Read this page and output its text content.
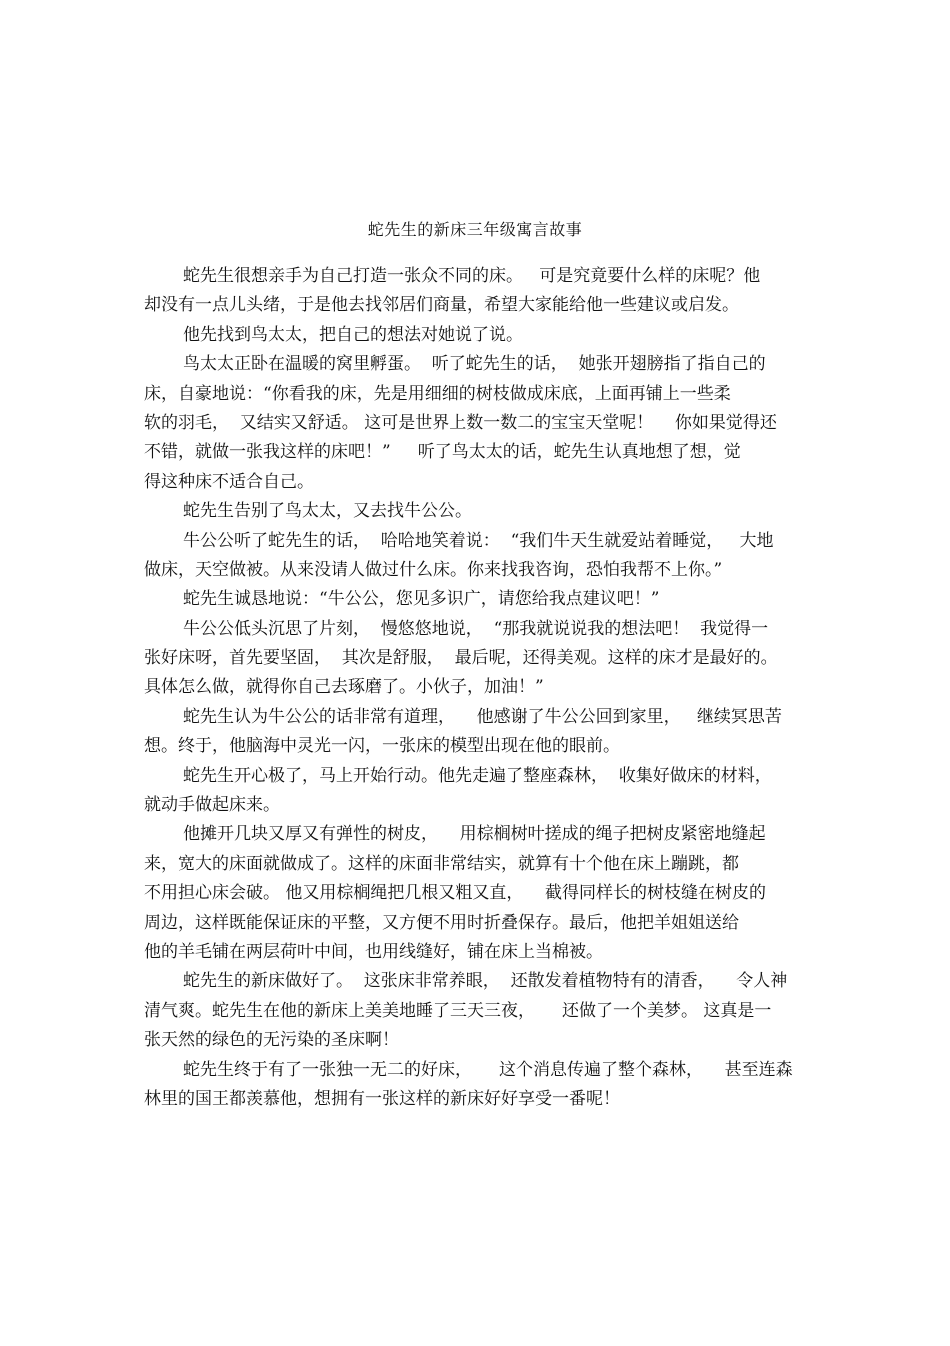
蛇先生的新床三年级寓言故事
蛇先生很想亲手为自己打造一张众不同的床。   可是究竟要什么样的床呢？他
却没有一点儿头绪，于是他去找邻居们商量，希望大家能给他一些建议或启发。
他先找到鸟太太，把自己的想法对她说了说。
鸟太太正卧在温暖的窝里孵蛋。  听了蛇先生的话，  她张开翅膀指了指自己的
床，自豪地说：“你看我的床，先是用细细的树枝做成床底，上面再铺上一些柔
软的羽毛，  又结实又舒适。 这可是世界上数一数二的宝宝天堂呢！    你如果觉得还
不错，就做一张我这样的床吧！”     听了鸟太太的话，蛇先生认真地想了想，觉
得这种床不适合自己。
蛇先生告别了鸟太太，又去找牛公公。
牛公公听了蛇先生的话，  哈哈地笑着说：  “我们牛天生就爱站着睡觉，   大地
做床，天空做被。从来没请人做过什么床。你来找我咨询，恐怕我帮不上你。”
蛇先生诚恳地说：“牛公公，您见多识广，请您给我点建议吧！”
牛公公低头沉思了片刻，  慢悠悠地说，  “那我就说说我的想法吧！  我觉得一
张好床呀，首先要坚固，  其次是舒服，  最后呢，还得美观。这样的床才是最好的。
具体怎么做，就得你自己去琢磨了。小伙子，加油！”
蛇先生认为牛公公的话非常有道理，    他感谢了牛公公回到家里，   继续冥思苦
想。终于，他脑海中灵光一闪，一张床的模型出现在他的眼前。
蛇先生开心极了，马上开始行动。他先走遍了整座森林，  收集好做床的材料，
就动手做起床来。
他摊开几块又厚又有弹性的树皮，    用棕榈树叶搓成的绳子把树皮紧密地缝起
来，宽大的床面就做成了。这样的床面非常结实，就算有十个他在床上蹦跳，都
不用担心床会破。 他又用棕榈绳把几根又粗又直，    截得同样长的树枝缝在树皮的
周边，这样既能保证床的平整，又方便不用时折叠保存。最后，他把羊姐姐送给
他的羊毛铺在两层荷叶中间，也用线缝好，铺在床上当棉被。
蛇先生的新床做好了。  这张床非常养眼，  还散发着植物特有的清香，    令人神
清气爽。蛇先生在他的新床上美美地睡了三天三夜，     还做了一个美梦。 这真是一
张天然的绿色的无污染的圣床啊！
蛇先生终于有了一张独一无二的好床，     这个消息传遍了整个森林，    甚至连森
林里的国王都羡慕他，想拥有一张这样的新床好好享受一番呢！
